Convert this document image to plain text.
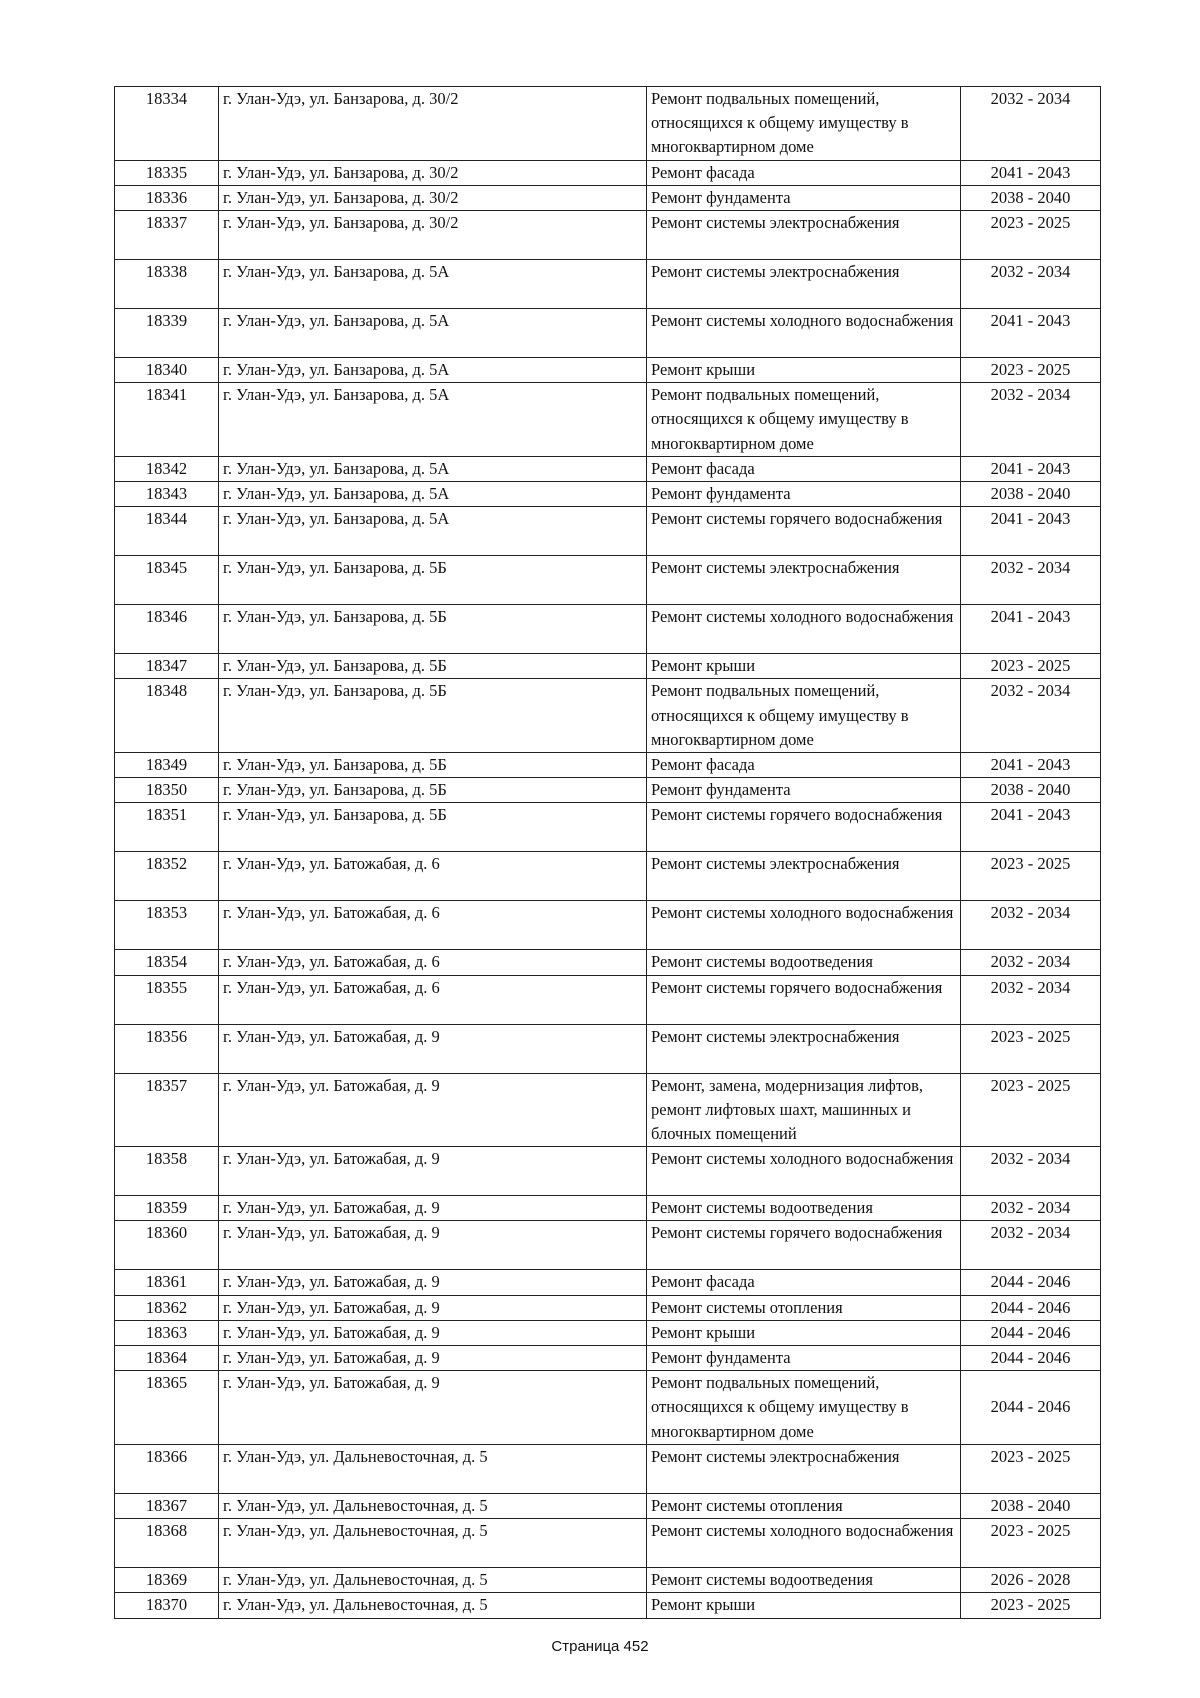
18334	г. Улан-Удэ, ул. Банзарова, д. 30/2	Ремонт подвальных помещений, относящихся к общему имуществу в многоквартирном доме	2032 - 2034
18335	г. Улан-Удэ, ул. Банзарова, д. 30/2	Ремонт фасада	2041 - 2043
18336	г. Улан-Удэ, ул. Банзарова, д. 30/2	Ремонт фундамента	2038 - 2040
18337	г. Улан-Удэ, ул. Банзарова, д. 30/2	Ремонт системы электроснабжения	2023 - 2025
18338	г. Улан-Удэ, ул. Банзарова, д. 5А	Ремонт системы электроснабжения	2032 - 2034
18339	г. Улан-Удэ, ул. Банзарова, д. 5А	Ремонт системы холодного водоснабжения	2041 - 2043
18340	г. Улан-Удэ, ул. Банзарова, д. 5А	Ремонт крыши	2023 - 2025
18341	г. Улан-Удэ, ул. Банзарова, д. 5А	Ремонт подвальных помещений, относящихся к общему имуществу в многоквартирном доме	2032 - 2034
18342	г. Улан-Удэ, ул. Банзарова, д. 5А	Ремонт фасада	2041 - 2043
18343	г. Улан-Удэ, ул. Банзарова, д. 5А	Ремонт фундамента	2038 - 2040
18344	г. Улан-Удэ, ул. Банзарова, д. 5А	Ремонт системы горячего водоснабжения	2041 - 2043
18345	г. Улан-Удэ, ул. Банзарова, д. 5Б	Ремонт системы электроснабжения	2032 - 2034
18346	г. Улан-Удэ, ул. Банзарова, д. 5Б	Ремонт системы холодного водоснабжения	2041 - 2043
18347	г. Улан-Удэ, ул. Банзарова, д. 5Б	Ремонт крыши	2023 - 2025
18348	г. Улан-Удэ, ул. Банзарова, д. 5Б	Ремонт подвальных помещений, относящихся к общему имуществу в многоквартирном доме	2032 - 2034
18349	г. Улан-Удэ, ул. Банзарова, д. 5Б	Ремонт фасада	2041 - 2043
18350	г. Улан-Удэ, ул. Банзарова, д. 5Б	Ремонт фундамента	2038 - 2040
18351	г. Улан-Удэ, ул. Банзарова, д. 5Б	Ремонт системы горячего водоснабжения	2041 - 2043
18352	г. Улан-Удэ, ул. Батожабая, д. 6	Ремонт системы электроснабжения	2023 - 2025
18353	г. Улан-Удэ, ул. Батожабая, д. 6	Ремонт системы холодного водоснабжения	2032 - 2034
18354	г. Улан-Удэ, ул. Батожабая, д. 6	Ремонт системы водоотведения	2032 - 2034
18355	г. Улан-Удэ, ул. Батожабая, д. 6	Ремонт системы горячего водоснабжения	2032 - 2034
18356	г. Улан-Удэ, ул. Батожабая, д. 9	Ремонт системы электроснабжения	2023 - 2025
18357	г. Улан-Удэ, ул. Батожабая, д. 9	Ремонт, замена, модернизация лифтов, ремонт лифтовых шахт, машинных и блочных помещений	2023 - 2025
18358	г. Улан-Удэ, ул. Батожабая, д. 9	Ремонт системы холодного водоснабжения	2032 - 2034
18359	г. Улан-Удэ, ул. Батожабая, д. 9	Ремонт системы водоотведения	2032 - 2034
18360	г. Улан-Удэ, ул. Батожабая, д. 9	Ремонт системы горячего водоснабжения	2032 - 2034
18361	г. Улан-Удэ, ул. Батожабая, д. 9	Ремонт фасада	2044 - 2046
18362	г. Улан-Удэ, ул. Батожабая, д. 9	Ремонт системы отопления	2044 - 2046
18363	г. Улан-Удэ, ул. Батожабая, д. 9	Ремонт крыши	2044 - 2046
18364	г. Улан-Удэ, ул. Батожабая, д. 9	Ремонт фундамента	2044 - 2046
18365	г. Улан-Удэ, ул. Батожабая, д. 9	Ремонт подвальных помещений, относящихся к общему имуществу в многоквартирном доме	2044 - 2046
18366	г. Улан-Удэ, ул. Дальневосточная, д. 5	Ремонт системы электроснабжения	2023 - 2025
18367	г. Улан-Удэ, ул. Дальневосточная, д. 5	Ремонт системы отопления	2038 - 2040
18368	г. Улан-Удэ, ул. Дальневосточная, д. 5	Ремонт системы холодного водоснабжения	2023 - 2025
18369	г. Улан-Удэ, ул. Дальневосточная, д. 5	Ремонт системы водоотведения	2026 - 2028
18370	г. Улан-Удэ, ул. Дальневосточная, д. 5	Ремонт крыши	2023 - 2025
Страница 452
